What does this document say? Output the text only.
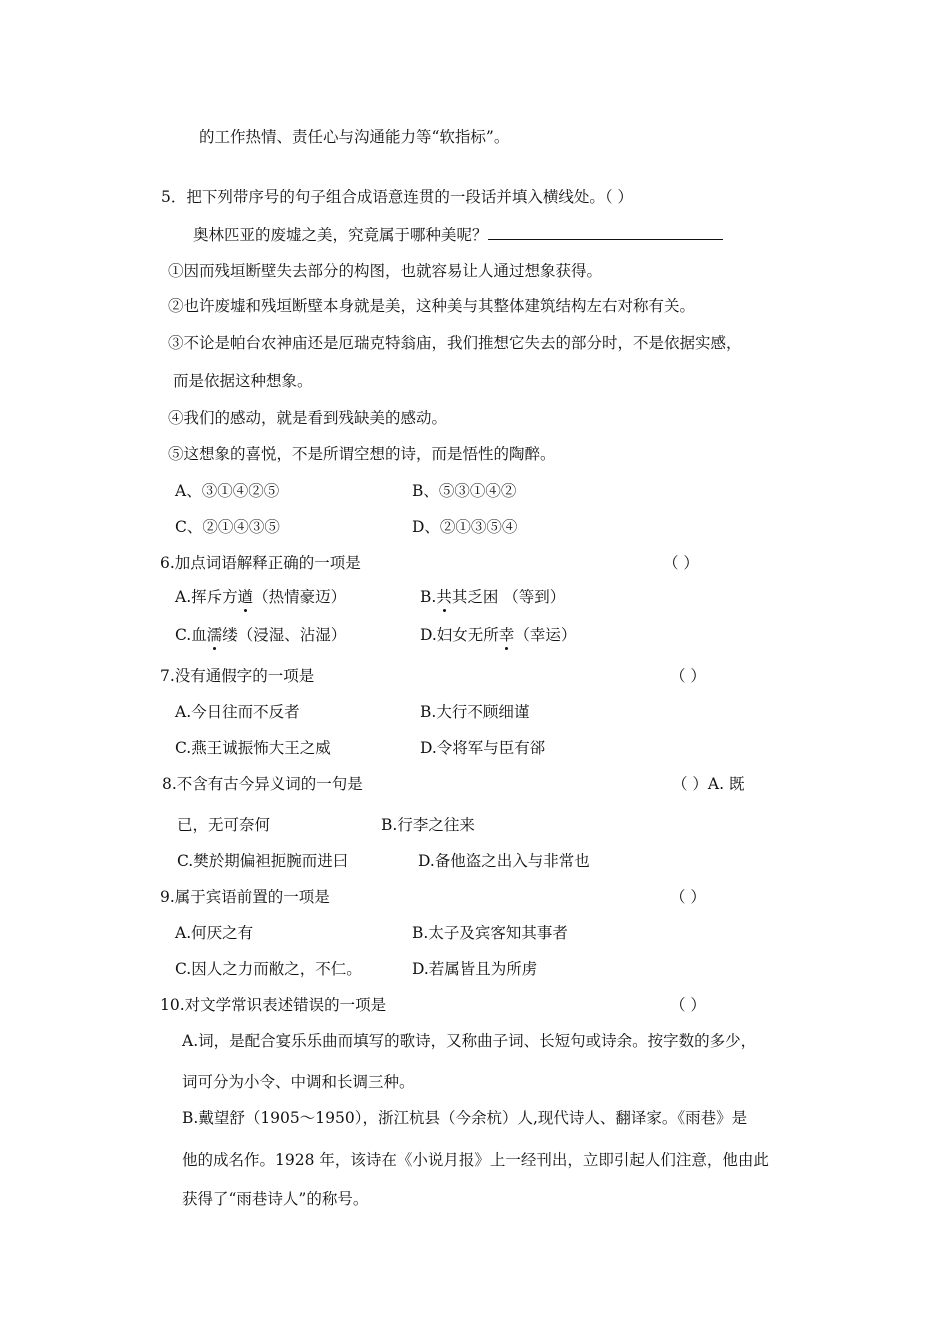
的工作热情、责任心与沟通能力等“软指标”。
5．把下列带序号的句子组合成语意连贯的一段话并填入横线处。（ ）
奥林匹亚的废墟之美，究竟属于哪种美呢？
①因而残垣断壁失去部分的构图，也就容易让人通过想象获得。
②也许废墟和残垣断壁本身就是美，这种美与其整体建筑结构左右对称有关。
③不论是帕台农神庙还是厄瑞克特翁庙，我们推想它失去的部分时，不是依据实感，
而是依据这种想象。
④我们的感动，就是看到残缺美的感动。
⑤这想象的喜悦，不是所谓空想的诗，而是悟性的陶醉。
A、③①④②⑤	B、⑤③①④②
C、②①④③⑤	D、②①③⑤④
6.加点词语解释正确的一项是	（ ）
A.挥斥方遒（热情豪迈）	B.共其乏困 （等到）
C.血濡缕（浸湿、沾湿）	D.妇女无所幸（幸运）
7.没有通假字的一项是	（ ）
A.今日往而不反者	B.大行不顾细谨
C.燕王诚振怖大王之威	D.令将军与臣有郤
8.不含有古今异义词的一句是	（ ）A. 既
已，无可奈何	B.行李之往来
C.樊於期偏袒扼腕而进曰	D.备他盗之出入与非常也
9.属于宾语前置的一项是	（ ）
A.何厌之有	B.太子及宾客知其事者
C.因人之力而敝之，不仁。	D.若属皆且为所虏
10.对文学常识表述错误的一项是	（ ）
A.词，是配合宴乐乐曲而填写的歌诗，又称曲子词、长短句或诗余。按字数的多少，
词可分为小令、中调和长调三种。
B.戴望舒（1905～1950），浙江杭县（今余杭）人,现代诗人、翻译家。《雨巷》是
他的成名作。1928 年，该诗在《小说月报》上一经刊出，立即引起人们注意，他由此
获得了“雨巷诗人”的称号。
